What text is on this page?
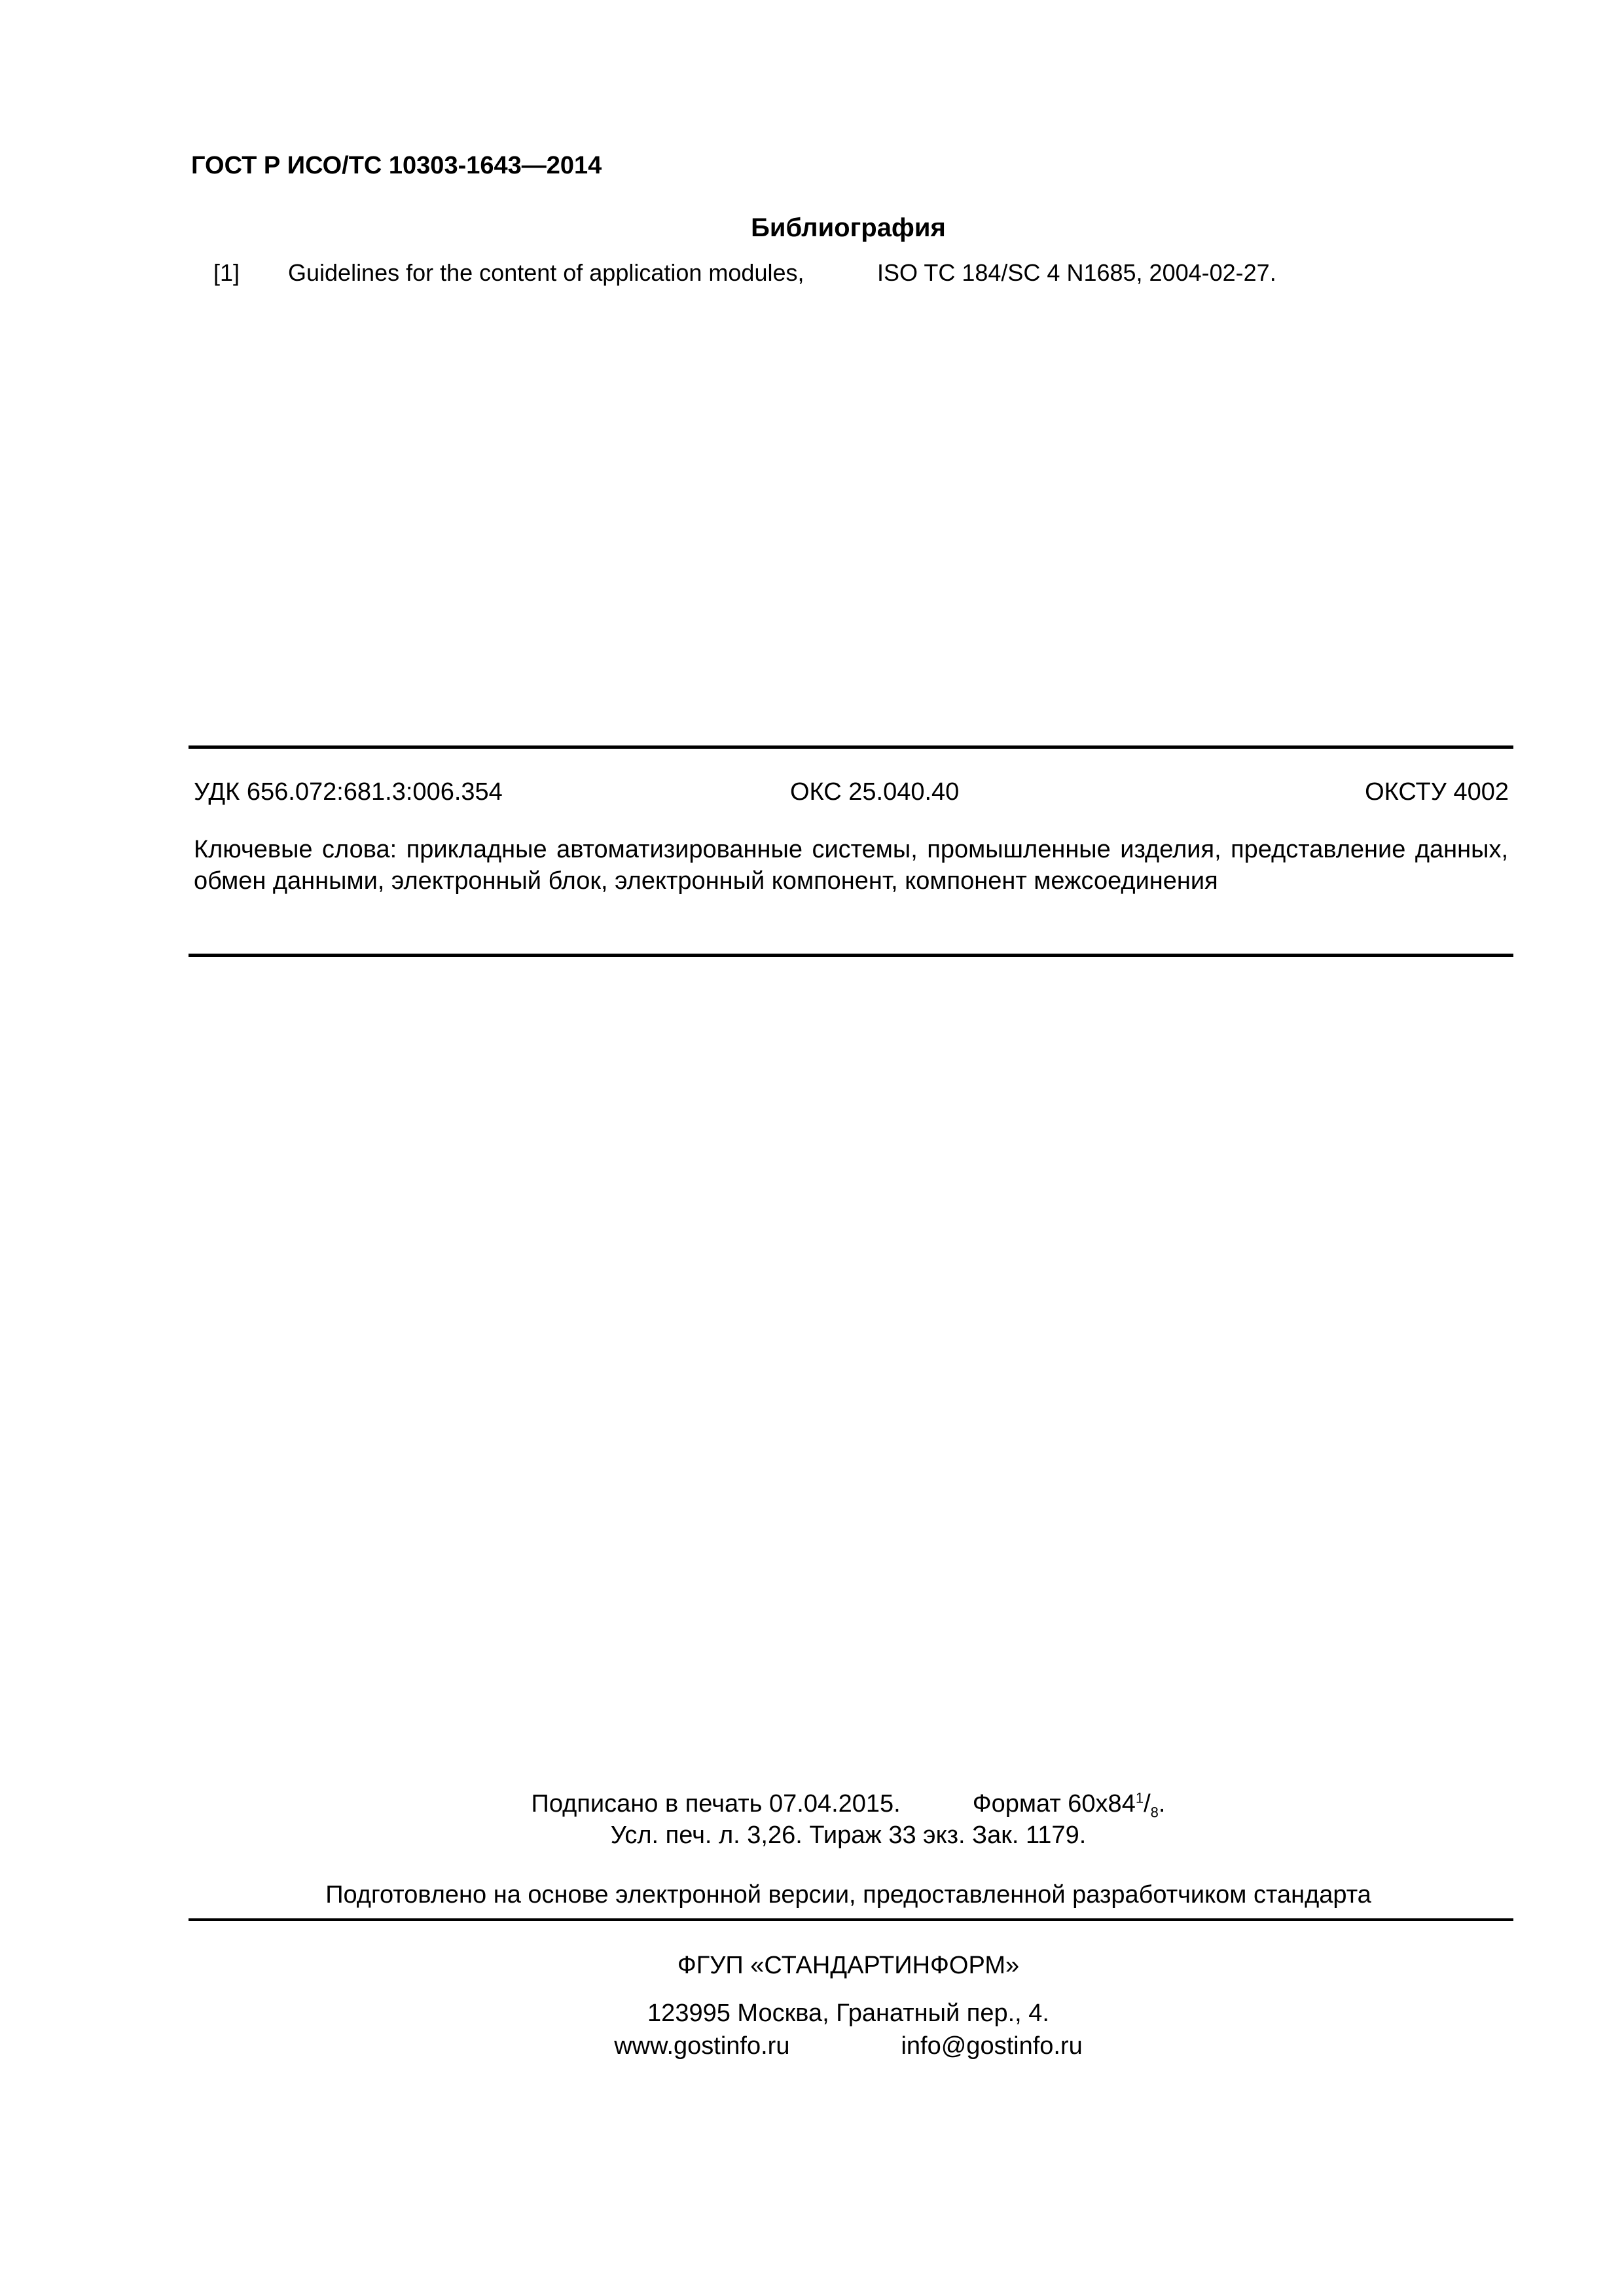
ГОСТ Р ИСО/ТС 10303-1643—2014
Библиография
[1] Guidelines for the content of application modules,	ISO TC 184/SC 4 N1685, 2004-02-27.
УДК 656.072:681.3:006.354	ОКС 25.040.40	ОКСТУ 4002
Ключевые слова: прикладные автоматизированные системы, промышленные изделия, представление данных, обмен данными, электронный блок, электронный компонент, компонент межсоединения
Подписано в печать 07.04.2015.	Формат $60x84^1/_8$.
Усл. печ. л. 3,26. Тираж 33 экз. Зак. 1179.
Подготовлено на основе электронной версии, предоставленной разработчиком стандарта
ФГУП «СТАНДАРТИНФОРМ»
123995 Москва, Гранатный пер., 4.
www.gostinfo.ru	info@gostinfo.ru
